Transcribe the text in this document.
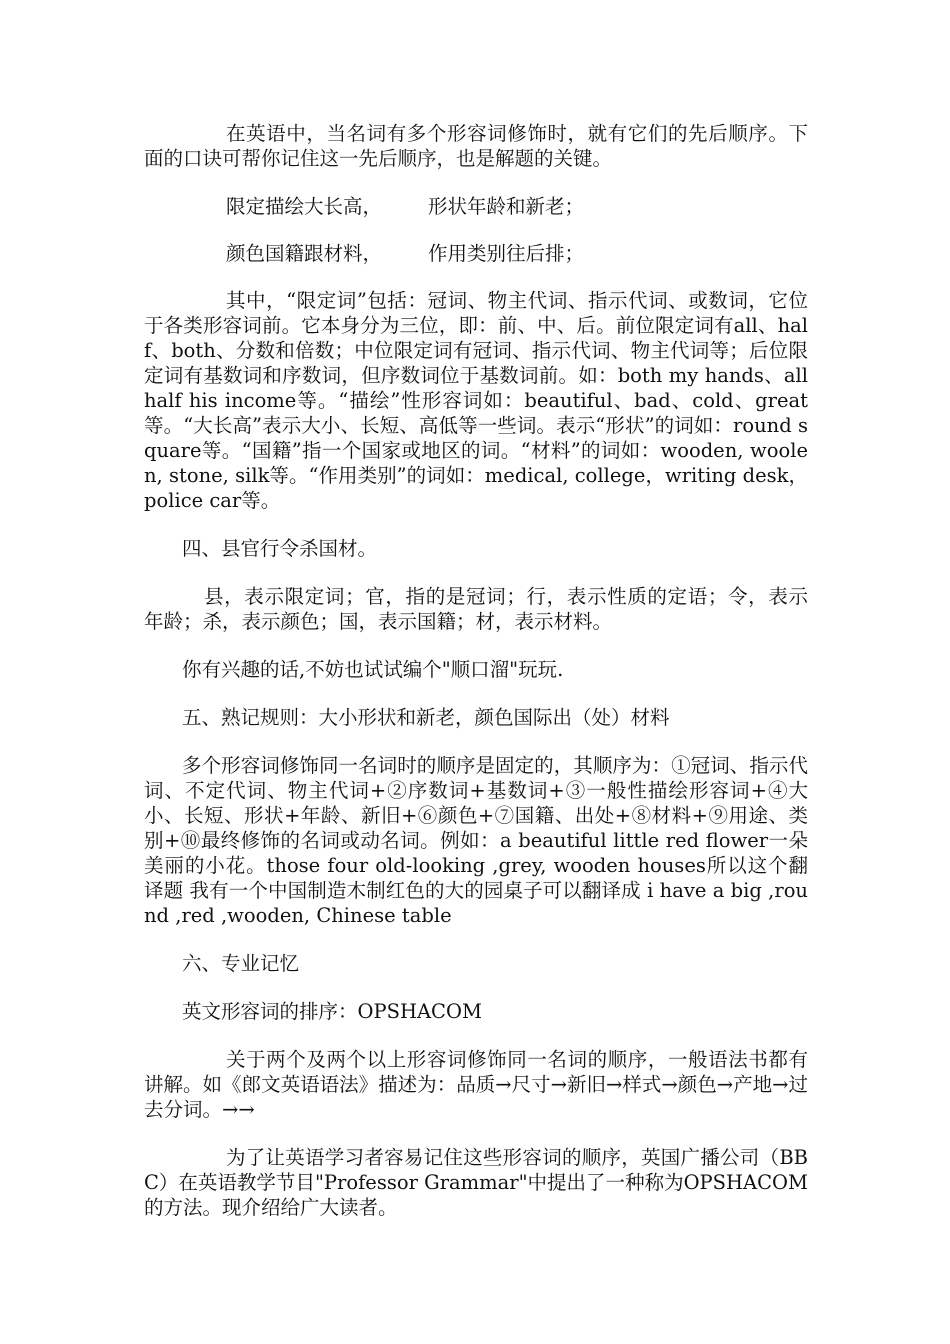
在英语中，当名词有多个形容词修饰时，就有它们的先后顺序。下面的口诀可帮你记住这一先后顺序，也是解题的关键。

限定描绘大长高， 形状年龄和新老；
颜色国籍跟材料， 作用类别往后排；

其中，“限定词”包括：冠词、物主代词、指示代词、或数词，它位于各类形容词前。它本身分为三位，即：前、中、后。前位限定词有all、half、both、分数和倍数；中位限定词有冠词、指示代词、物主代词等；后位限定词有基数词和序数词，但序数词位于基数词前。如：both my hands、all half his income等。“描绘”性形容词如：beautiful、bad、cold、great等。“大长高”表示大小、长短、高低等一些词。表示“形状”的词如：round square等。“国籍”指一个国家或地区的词。“材料”的词如：wooden, woolen, stone, silk等。“作用类别”的词如：medical, college，writing desk，police car等。

四、县官行令杀国材。

县，表示限定词；官，指的是冠词；行，表示性质的定语；令，表示年龄；杀，表示颜色；国，表示国籍；材，表示材料。

你有兴趣的话,不妨也试试编个"顺口溜"玩玩.

五、熟记规则：大小形状和新老，颜色国际出（处）材料

多个形容词修饰同一名词时的顺序是固定的，其顺序为：①冠词、指示代词、不定代词、物主代词+②序数词+基数词+③一般性描绘形容词+④大小、长短、形状+年龄、新旧+⑥颜色+⑦国籍、出处+⑧材料+⑨用途、类别+⑩最终修饰的名词或动名词。例如：a beautiful little red flower一朵美丽的小花。those four old-looking ,grey, wooden houses所以这个翻译题 我有一个中国制造木制红色的大的园桌子可以翻译成 i have a big ,round ,red ,wooden, Chinese table

六、专业记忆

英文形容词的排序：OPSHACOM

关于两个及两个以上形容词修饰同一名词的顺序，一般语法书都有讲解。如《郎文英语语法》描述为：品质→尺寸→新旧→样式→颜色→产地→过去分词。→→

为了让英语学习者容易记住这些形容词的顺序，英国广播公司（BBC）在英语教学节目"Professor Grammar"中提出了一种称为OPSHACOM的方法。现介绍给广大读者。
